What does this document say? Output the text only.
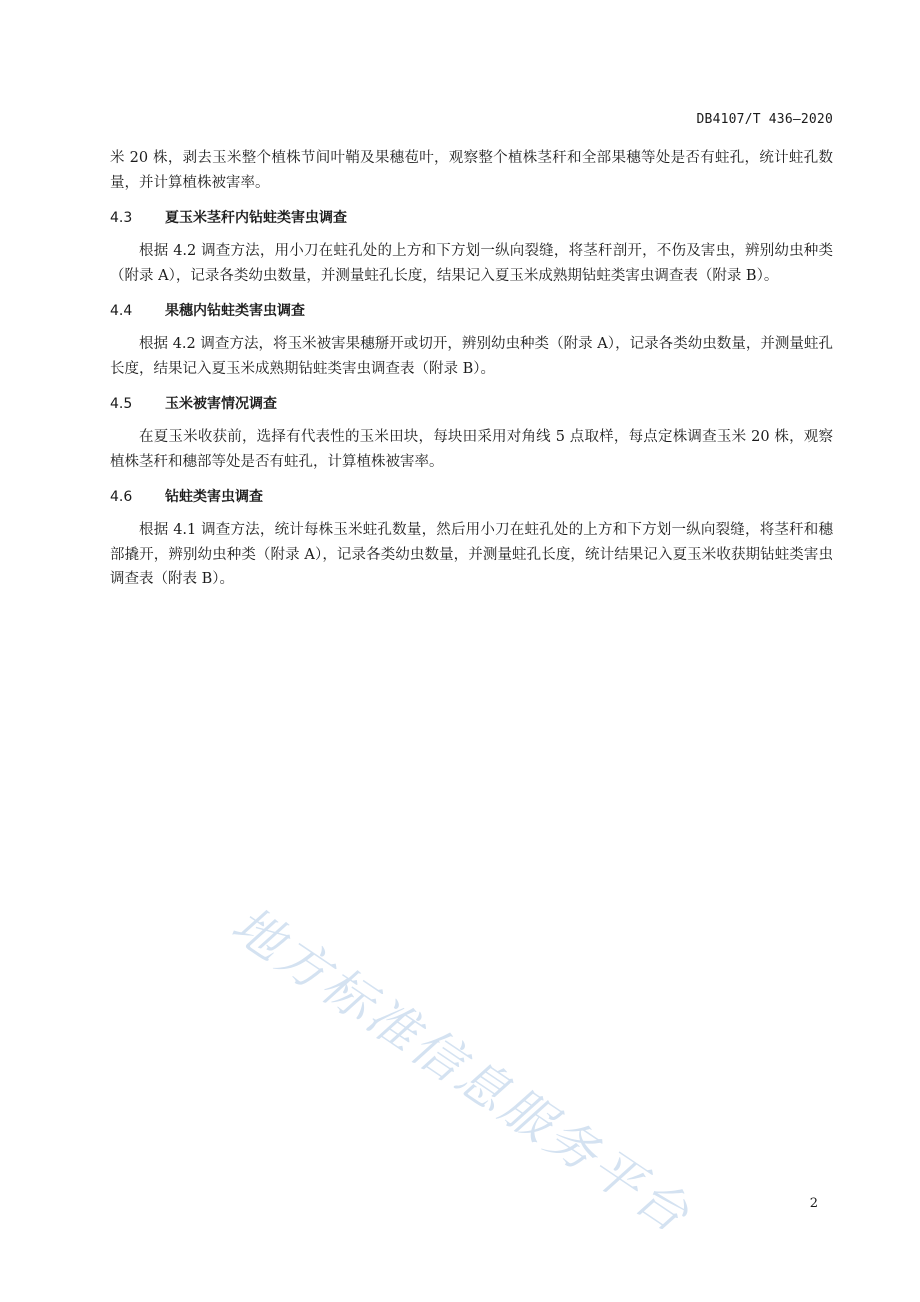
DB4107/T 436—2020

米 20 株，剥去玉米整个植株节间叶鞘及果穗苞叶，观察整个植株茎秆和全部果穗等处是否有蛀孔，统计蛀孔数量，并计算植株被害率。

4.3	夏玉米茎秆内钻蛀类害虫调查

根据 4.2 调查方法，用小刀在蛀孔处的上方和下方划一纵向裂缝，将茎秆剖开，不伤及害虫，辨别幼虫种类（附录 A），记录各类幼虫数量，并测量蛀孔长度，结果记入夏玉米成熟期钻蛀类害虫调查表（附录 B）。

4.4	果穗内钻蛀类害虫调查

根据 4.2 调查方法，将玉米被害果穗掰开或切开，辨别幼虫种类（附录 A），记录各类幼虫数量，并测量蛀孔长度，结果记入夏玉米成熟期钻蛀类害虫调查表（附录 B）。

4.5	玉米被害情况调查

在夏玉米收获前，选择有代表性的玉米田块，每块田采用对角线 5 点取样，每点定株调查玉米 20 株，观察植株茎秆和穗部等处是否有蛀孔，计算植株被害率。

4.6	钻蛀类害虫调查

根据 4.1 调查方法，统计每株玉米蛀孔数量，然后用小刀在蛀孔处的上方和下方划一纵向裂缝，将茎秆和穗部撬开，辨别幼虫种类（附录 A），记录各类幼虫数量，并测量蛀孔长度，统计结果记入夏玉米收获期钻蛀类害虫调查表（附表 B）。

地方标准信息服务平台	2
